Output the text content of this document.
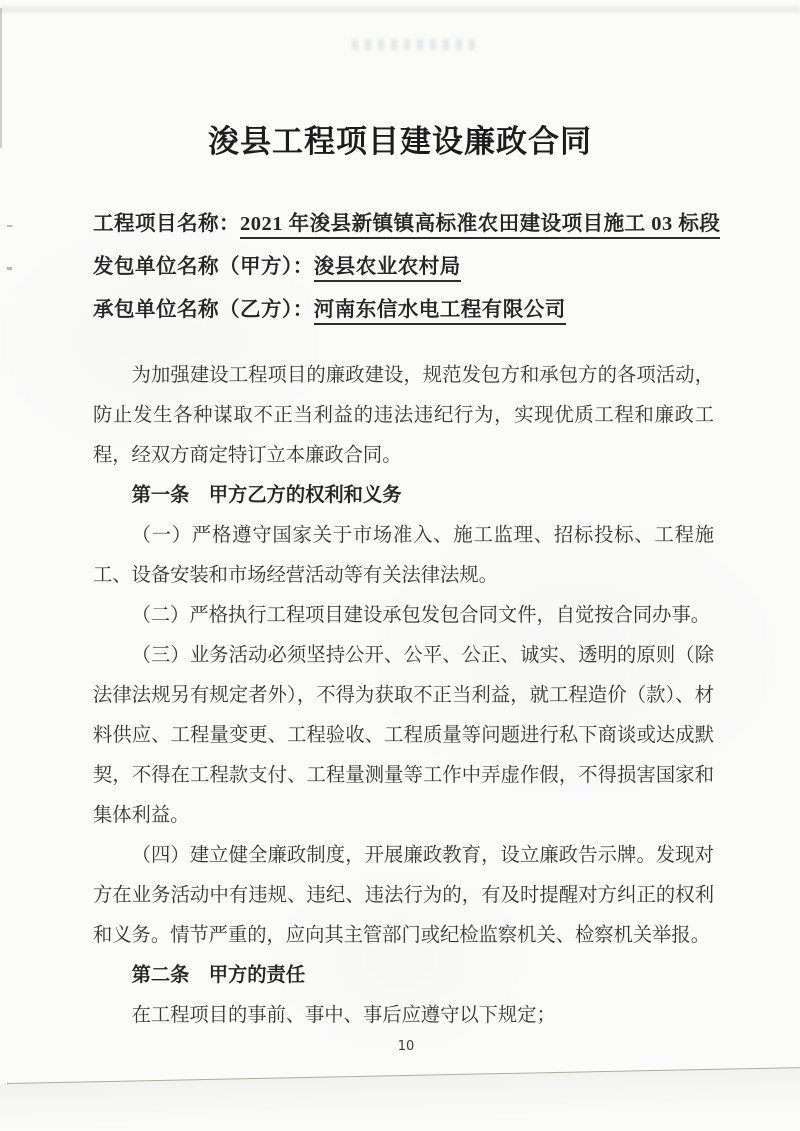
浚县工程项目建设廉政合同
工程项目名称：2021 年浚县新镇镇高标准农田建设项目施工 03 标段
发包单位名称（甲方）：浚县农业农村局
承包单位名称（乙方）：河南东信水电工程有限公司

为加强建设工程项目的廉政建设，规范发包方和承包方的各项活动，防止发生各种谋取不正当利益的违法违纪行为，实现优质工程和廉政工程，经双方商定特订立本廉政合同。

第一条　甲方乙方的权利和义务

（一）严格遵守国家关于市场准入、施工监理、招标投标、工程施工、设备安装和市场经营活动等有关法律法规。

（二）严格执行工程项目建设承包发包合同文件，自觉按合同办事。

（三）业务活动必须坚持公开、公平、公正、诚实、透明的原则（除法律法规另有规定者外），不得为获取不正当利益，就工程造价（款）、材料供应、工程量变更、工程验收、工程质量等问题进行私下商谈或达成默契，不得在工程款支付、工程量测量等工作中弄虚作假，不得损害国家和集体利益。

（四）建立健全廉政制度，开展廉政教育，设立廉政告示牌。发现对方在业务活动中有违规、违纪、违法行为的，有及时提醒对方纠正的权利和义务。情节严重的，应向其主管部门或纪检监察机关、检察机关举报。

第二条　甲方的责任

在工程项目的事前、事中、事后应遵守以下规定；

10
